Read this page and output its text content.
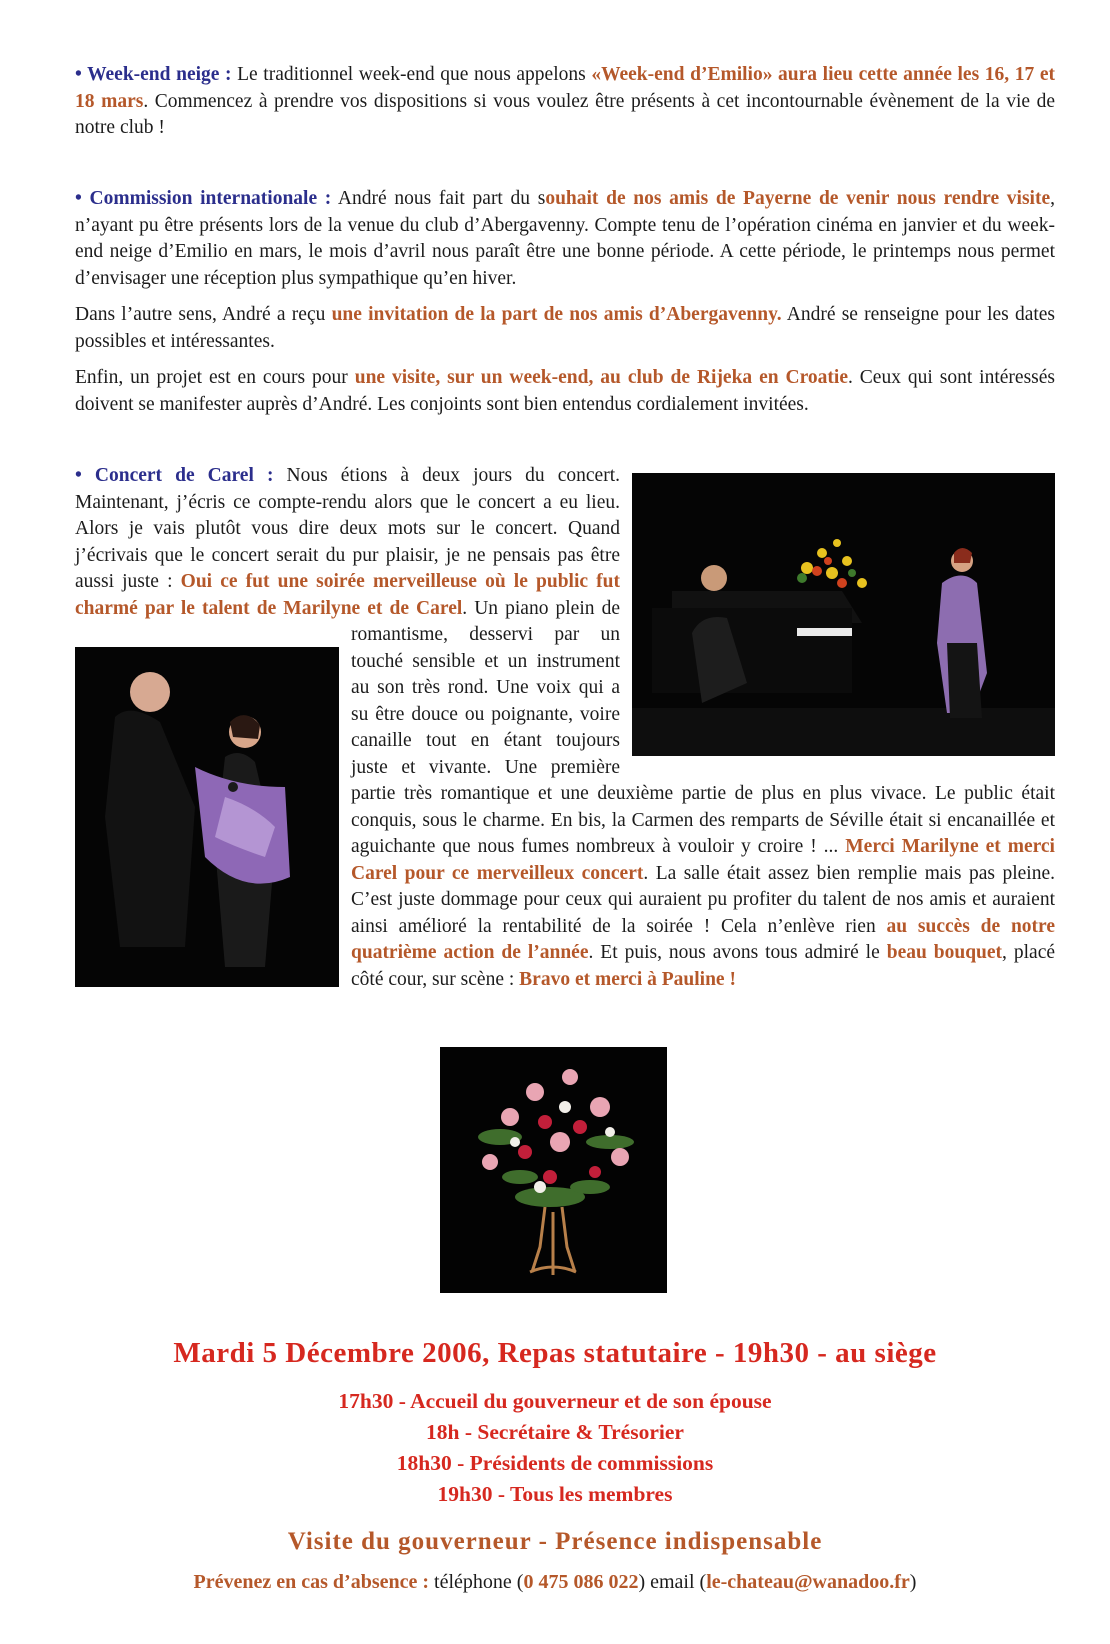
• Week-end neige : Le traditionnel week-end que nous appelons «Week-end d’Emilio» aura lieu cette année les 16, 17 et 18 mars. Commencez à prendre vos dispositions si vous voulez être présents à cet incontournable évènement de la vie de notre club !

• Commission internationale : André nous fait part du souhait de nos amis de Payerne de venir nous rendre visite, n’ayant pu être présents lors de la venue du club d’Abergavenny. Compte tenu de l’opération cinéma en janvier et du week-end neige d’Emilio en mars, le mois d’avril nous paraît être une bonne période. A cette période, le printemps nous permet d’envisager une réception plus sympathique qu’en hiver.

Dans l’autre sens, André a reçu une invitation de la part de nos amis d’Abergavenny. André se renseigne pour les dates possibles et intéressantes.

Enfin, un projet est en cours pour une visite, sur un week-end, au club de Rijeka en Croatie. Ceux qui sont intéressés doivent se manifester auprès d’André. Les conjoints sont bien entendus cordialement invitées.

• Concert de Carel : Nous étions à deux jours du concert. Maintenant, j’écris ce compte-rendu alors que le concert a eu lieu. Alors je vais plutôt vous dire deux mots sur le concert. Quand j’écrivais que le concert serait du pur plaisir, je ne pensais pas être aussi juste : Oui ce fut une soirée merveilleuse où le public fut charmé par le talent de Marilyne et de Carel. Un piano plein de romantisme, desservi par un touché sensible et un instrument au son très rond. Une voix qui a su être douce ou poignante, voire canaille tout en étant toujours juste et vivante. Une première partie très romantique et une deuxième partie de plus en plus vivace. Le public était conquis, sous le charme. En bis, la Carmen des remparts de Séville était si encanaillée et aguichante que nous fumes nombreux à vouloir y croire ! ... Merci Marilyne et merci Carel pour ce merveilleux concert. La salle était assez bien remplie mais pas pleine. C’est juste dommage pour ceux qui auraient pu profiter du talent de nos amis et auraient ainsi amélioré la rentabilité de la soirée ! Cela n’enlève rien au succès de notre quatrième action de l’année. Et puis, nous avons tous admiré le beau bouquet, placé côté cour, sur scène : Bravo et merci à Pauline !

Mardi 5 Décembre 2006, Repas statutaire - 19h30 - au siège

17h30 - Accueil du gouverneur et de son épouse

18h - Secrétaire & Trésorier

18h30 - Présidents de commissions

19h30 - Tous les membres

Visite du gouverneur - Présence indispensable

Prévenez en cas d’absence : téléphone (0 475 086 022) email (le-chateau@wanadoo.fr)
